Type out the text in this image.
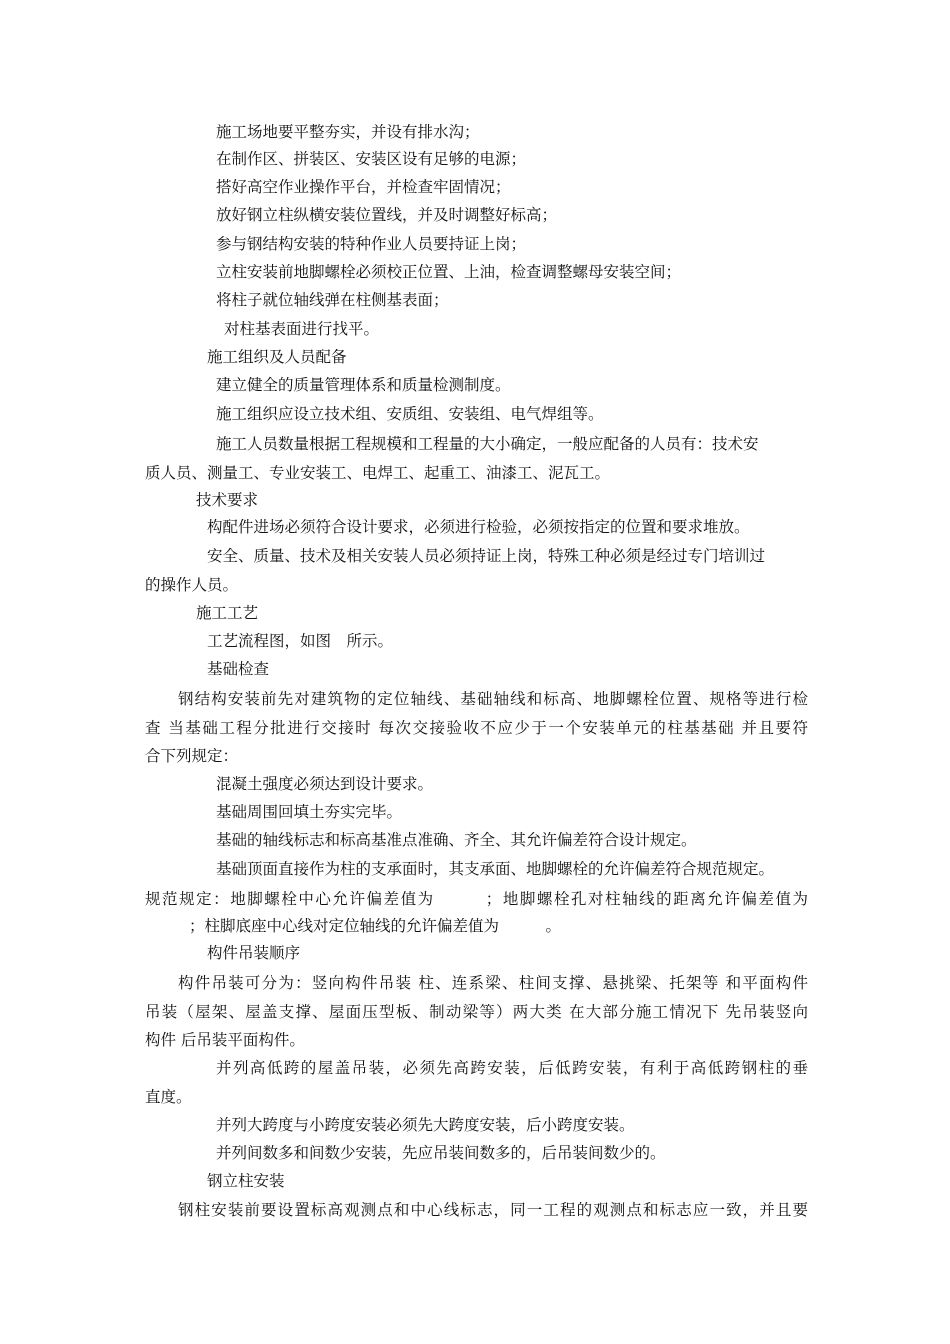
施工场地要平整夯实，并设有排水沟；
在制作区、拼装区、安装区设有足够的电源；
搭好高空作业操作平台，并检查牢固情况；
放好钢立柱纵横安装位置线，并及时调整好标高；
参与钢结构安装的特种作业人员要持证上岗；
立柱安装前地脚螺栓必须校正位置、上油，检查调整螺母安装空间；
将柱子就位轴线弹在柱侧基表面；
对柱基表面进行找平。
施工组织及人员配备
建立健全的质量管理体系和质量检测制度。
施工组织应设立技术组、安质组、安装组、电气焊组等。
施工人员数量根据工程规模和工程量的大小确定，一般应配备的人员有：技术安
质人员、测量工、专业安装工、电焊工、起重工、油漆工、泥瓦工。
技术要求
构配件进场必须符合设计要求，必须进行检验，必须按指定的位置和要求堆放。
安全、质量、技术及相关安装人员必须持证上岗，特殊工种必须是经过专门培训过
的操作人员。
施工工艺
工艺流程图，如图　所示。
基础检查
钢结构安装前先对建筑物的定位轴线、基础轴线和标高、地脚螺栓位置、规格等进行检
查 当基础工程分批进行交接时 每次交接验收不应少于一个安装单元的柱基基础 并且要符
合下列规定：
混凝土强度必须达到设计要求。
基础周围回填土夯实完毕。
基础的轴线标志和标高基准点准确、齐全、其允许偏差符合设计规定。
基础顶面直接作为柱的支承面时，其支承面、地脚螺栓的允许偏差符合规范规定。
规范规定：地脚螺栓中心允许偏差值为　　　；地脚螺栓孔对柱轴线的距离允许偏差值为
；柱脚底座中心线对定位轴线的允许偏差值为　　　。
构件吊装顺序
构件吊装可分为：竖向构件吊装 柱、连系梁、柱间支撑、悬挑梁、托架等 和平面构件
吊装（屋架、屋盖支撑、屋面压型板、制动梁等）两大类 在大部分施工情况下 先吊装竖向
构件 后吊装平面构件。
并列高低跨的屋盖吊装，必须先高跨安装，后低跨安装，有利于高低跨钢柱的垂
直度。
并列大跨度与小跨度安装必须先大跨度安装，后小跨度安装。
并列间数多和间数少安装，先应吊装间数多的，后吊装间数少的。
钢立柱安装
钢柱安装前要设置标高观测点和中心线标志，同一工程的观测点和标志应一致，并且要
